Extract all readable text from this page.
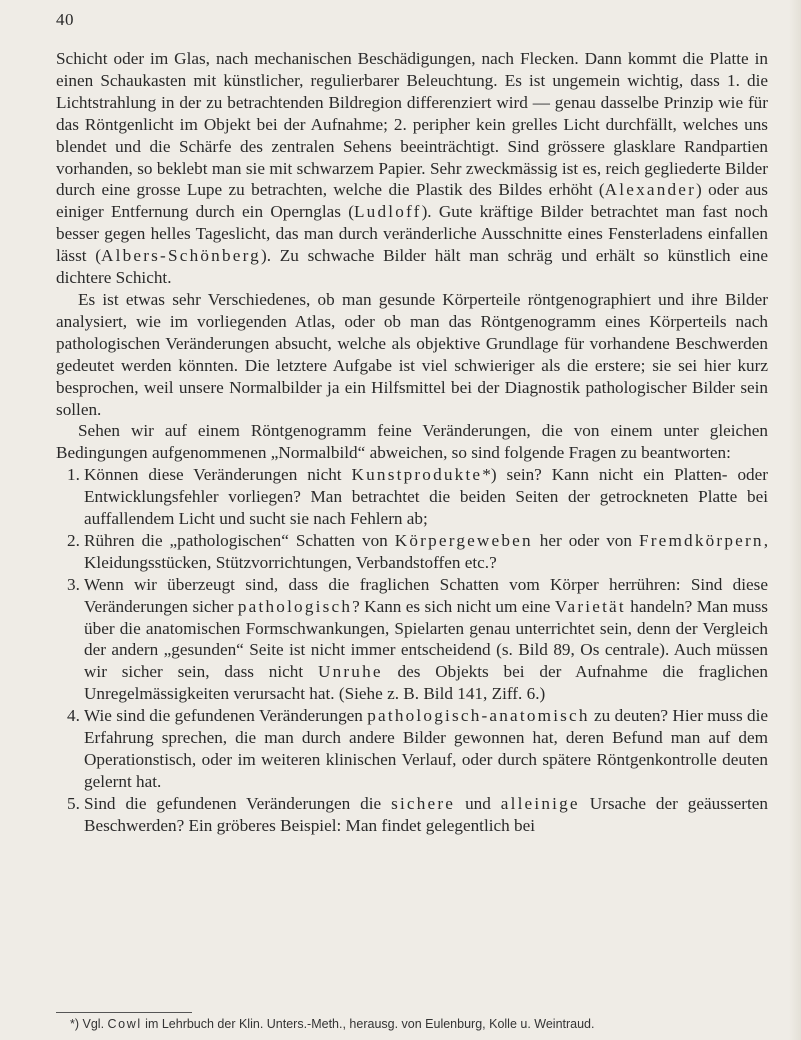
40

Schicht oder im Glas, nach mechanischen Beschädigungen, nach Flecken. Dann kommt die Platte in einen Schaukasten mit künstlicher, regulierbarer Beleuchtung. Es ist ungemein wichtig, dass 1. die Lichtstrahlung in der zu betrachtenden Bildregion differenziert wird — genau dasselbe Prinzip wie für das Röntgenlicht im Objekt bei der Aufnahme; 2. peripher kein grelles Licht durchfällt, welches uns blendet und die Schärfe des zentralen Sehens beeinträchtigt. Sind grössere glasklare Randpartien vorhanden, so beklebt man sie mit schwarzem Papier. Sehr zweckmässig ist es, reich gegliederte Bilder durch eine grosse Lupe zu betrachten, welche die Plastik des Bildes erhöht (Alexander) oder aus einiger Entfernung durch ein Opernglas (Ludloff). Gute kräftige Bilder betrachtet man fast noch besser gegen helles Tageslicht, das man durch veränderliche Ausschnitte eines Fensterladens einfallen lässt (Albers-Schönberg). Zu schwache Bilder hält man schräg und erhält so künstlich eine dichtere Schicht.

Es ist etwas sehr Verschiedenes, ob man gesunde Körperteile röntgenographiert und ihre Bilder analysiert, wie im vorliegenden Atlas, oder ob man das Röntgenogramm eines Körperteils nach pathologischen Veränderungen absucht, welche als objektive Grundlage für vorhandene Beschwerden gedeutet werden könnten. Die letztere Aufgabe ist viel schwieriger als die erstere; sie sei hier kurz besprochen, weil unsere Normalbilder ja ein Hilfsmittel bei der Diagnostik pathologischer Bilder sein sollen.

Sehen wir auf einem Röntgenogramm feine Veränderungen, die von einem unter gleichen Bedingungen aufgenommenen „Normalbild“ abweichen, so sind folgende Fragen zu beantworten:

1. Können diese Veränderungen nicht Kunstprodukte*) sein? Kann nicht ein Platten- oder Entwicklungsfehler vorliegen? Man betrachtet die beiden Seiten der getrockneten Platte bei auffallendem Licht und sucht sie nach Fehlern ab;
2. Rühren die „pathologischen“ Schatten von Körpergeweben her oder von Fremdkörpern, Kleidungsstücken, Stützvorrichtungen, Verbandstoffen etc.?
3. Wenn wir überzeugt sind, dass die fraglichen Schatten vom Körper herrühren: Sind diese Veränderungen sicher pathologisch? Kann es sich nicht um eine Varietät handeln? Man muss über die anatomischen Formschwankungen, Spielarten genau unterrichtet sein, denn der Vergleich der andern „gesunden“ Seite ist nicht immer entscheidend (s. Bild 89, Os centrale). Auch müssen wir sicher sein, dass nicht Unruhe des Objekts bei der Aufnahme die fraglichen Unregelmässigkeiten verursacht hat. (Siehe z. B. Bild 141, Ziff. 6.)
4. Wie sind die gefundenen Veränderungen pathologisch-anatomisch zu deuten? Hier muss die Erfahrung sprechen, die man durch andere Bilder gewonnen hat, deren Befund man auf dem Operationstisch, oder im weiteren klinischen Verlauf, oder durch spätere Röntgenkontrolle deuten gelernt hat.
5. Sind die gefundenen Veränderungen die sichere und alleinige Ursache der geäusserten Beschwerden? Ein gröberes Beispiel: Man findet gelegentlich bei
*) Vgl. Cowl im Lehrbuch der Klin. Unters.-Meth., herausg. von Eulenburg, Kolle u. Weintraud.
